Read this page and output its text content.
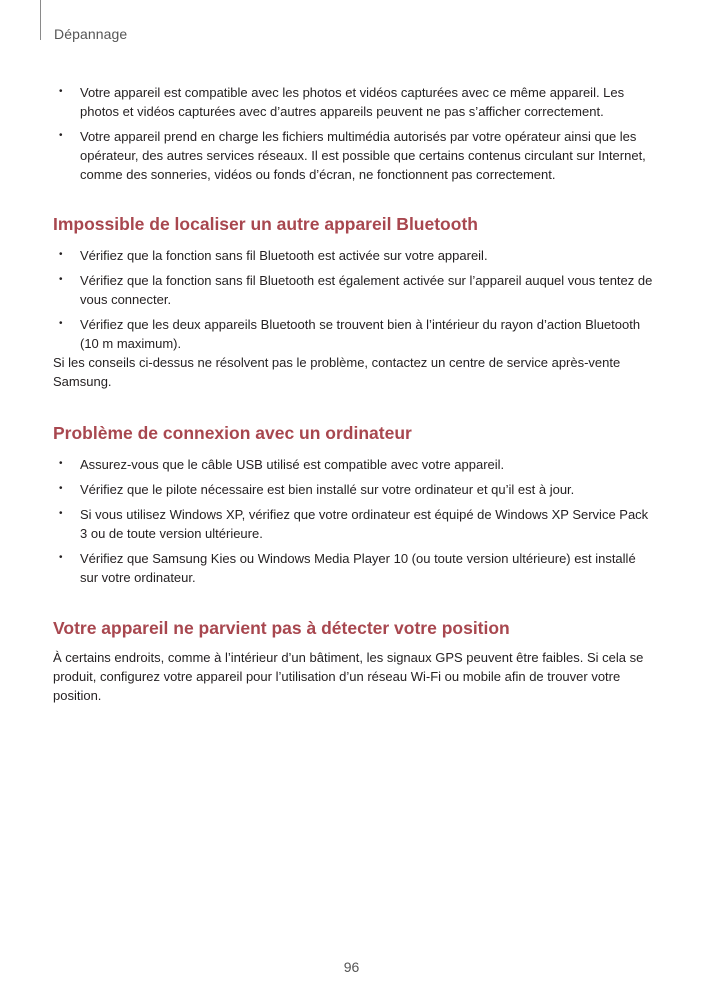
Dépannage
• Votre appareil est compatible avec les photos et vidéos capturées avec ce même appareil. Les photos et vidéos capturées avec d’autres appareils peuvent ne pas s’afficher correctement.
• Votre appareil prend en charge les fichiers multimédia autorisés par votre opérateur ainsi que les opérateur, des autres services réseaux. Il est possible que certains contenus circulant sur Internet, comme des sonneries, vidéos ou fonds d’écran, ne fonctionnent pas correctement.
Impossible de localiser un autre appareil Bluetooth
• Vérifiez que la fonction sans fil Bluetooth est activée sur votre appareil.
• Vérifiez que la fonction sans fil Bluetooth est également activée sur l’appareil auquel vous tentez de vous connecter.
• Vérifiez que les deux appareils Bluetooth se trouvent bien à l’intérieur du rayon d’action Bluetooth (10 m maximum).

Si les conseils ci-dessus ne résolvent pas le problème, contactez un centre de service après-vente Samsung.

Problème de connexion avec un ordinateur
• Assurez-vous que le câble USB utilisé est compatible avec votre appareil.
• Vérifiez que le pilote nécessaire est bien installé sur votre ordinateur et qu’il est à jour.
• Si vous utilisez Windows XP, vérifiez que votre ordinateur est équipé de Windows XP Service Pack 3 ou de toute version ultérieure.
• Vérifiez que Samsung Kies ou Windows Media Player 10 (ou toute version ultérieure) est installé sur votre ordinateur.
Votre appareil ne parvient pas à détecter votre position

À certains endroits, comme à l’intérieur d’un bâtiment, les signaux GPS peuvent être faibles. Si cela se produit, configurez votre appareil pour l’utilisation d’un réseau Wi-Fi ou mobile afin de trouver votre position.

96
